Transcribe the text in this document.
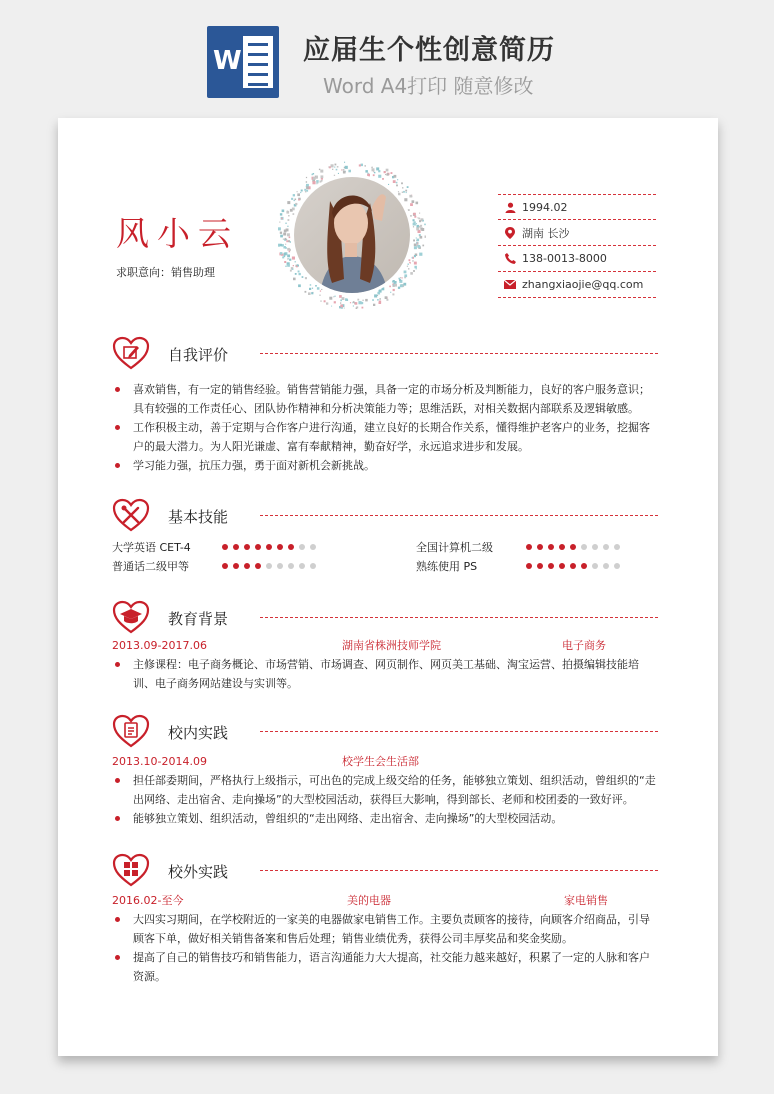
W 应届生个性创意简历
Word A4打印 随意修改
风小云
求职意向：销售助理
1994.02
湖南 长沙
138-0013-8000
zhangxiaojie@qq.com
自我评价
喜欢销售，有一定的销售经验。销售营销能力强，具备一定的市场分析及判断能力，良好的客户服务意识；具有较强的工作责任心、团队协作精神和分析决策能力等；思维活跃，对相关数据内部联系及逻辑敏感。
工作积极主动，善于定期与合作客户进行沟通，建立良好的长期合作关系，懂得维护老客户的业务，挖掘客户的最大潜力。为人阳光谦虚、富有奉献精神，勤奋好学，永远追求进步和发展。
学习能力强，抗压力强，勇于面对新机会新挑战。
基本技能
大学英语 CET-4	全国计算机二级
普通话二级甲等	熟练使用 PS
教育背景
2013.09-2017.06	湖南省株洲技师学院	电子商务
主修课程：电子商务概论、市场营销、市场调查、网页制作、网页美工基础、淘宝运营、拍摄编辑技能培训、电子商务网站建设与实训等。
校内实践
2013.10-2014.09	校学生会生活部
担任部委期间，严格执行上级指示，可出色的完成上级交给的任务，能够独立策划、组织活动，曾组织的“走出网络、走出宿舍、走向操场”的大型校园活动，获得巨大影响，得到部长、老师和校团委的一致好评。
能够独立策划、组织活动，曾组织的“走出网络、走出宿舍、走向操场”的大型校园活动。
校外实践
2016.02-至今	美的电器	家电销售
大四实习期间，在学校附近的一家美的电器做家电销售工作。主要负责顾客的接待，向顾客介绍商品，引导顾客下单，做好相关销售备案和售后处理；销售业绩优秀，获得公司丰厚奖品和奖金奖励。
提高了自己的销售技巧和销售能力，语言沟通能力大大提高，社交能力越来越好，积累了一定的人脉和客户资源。
